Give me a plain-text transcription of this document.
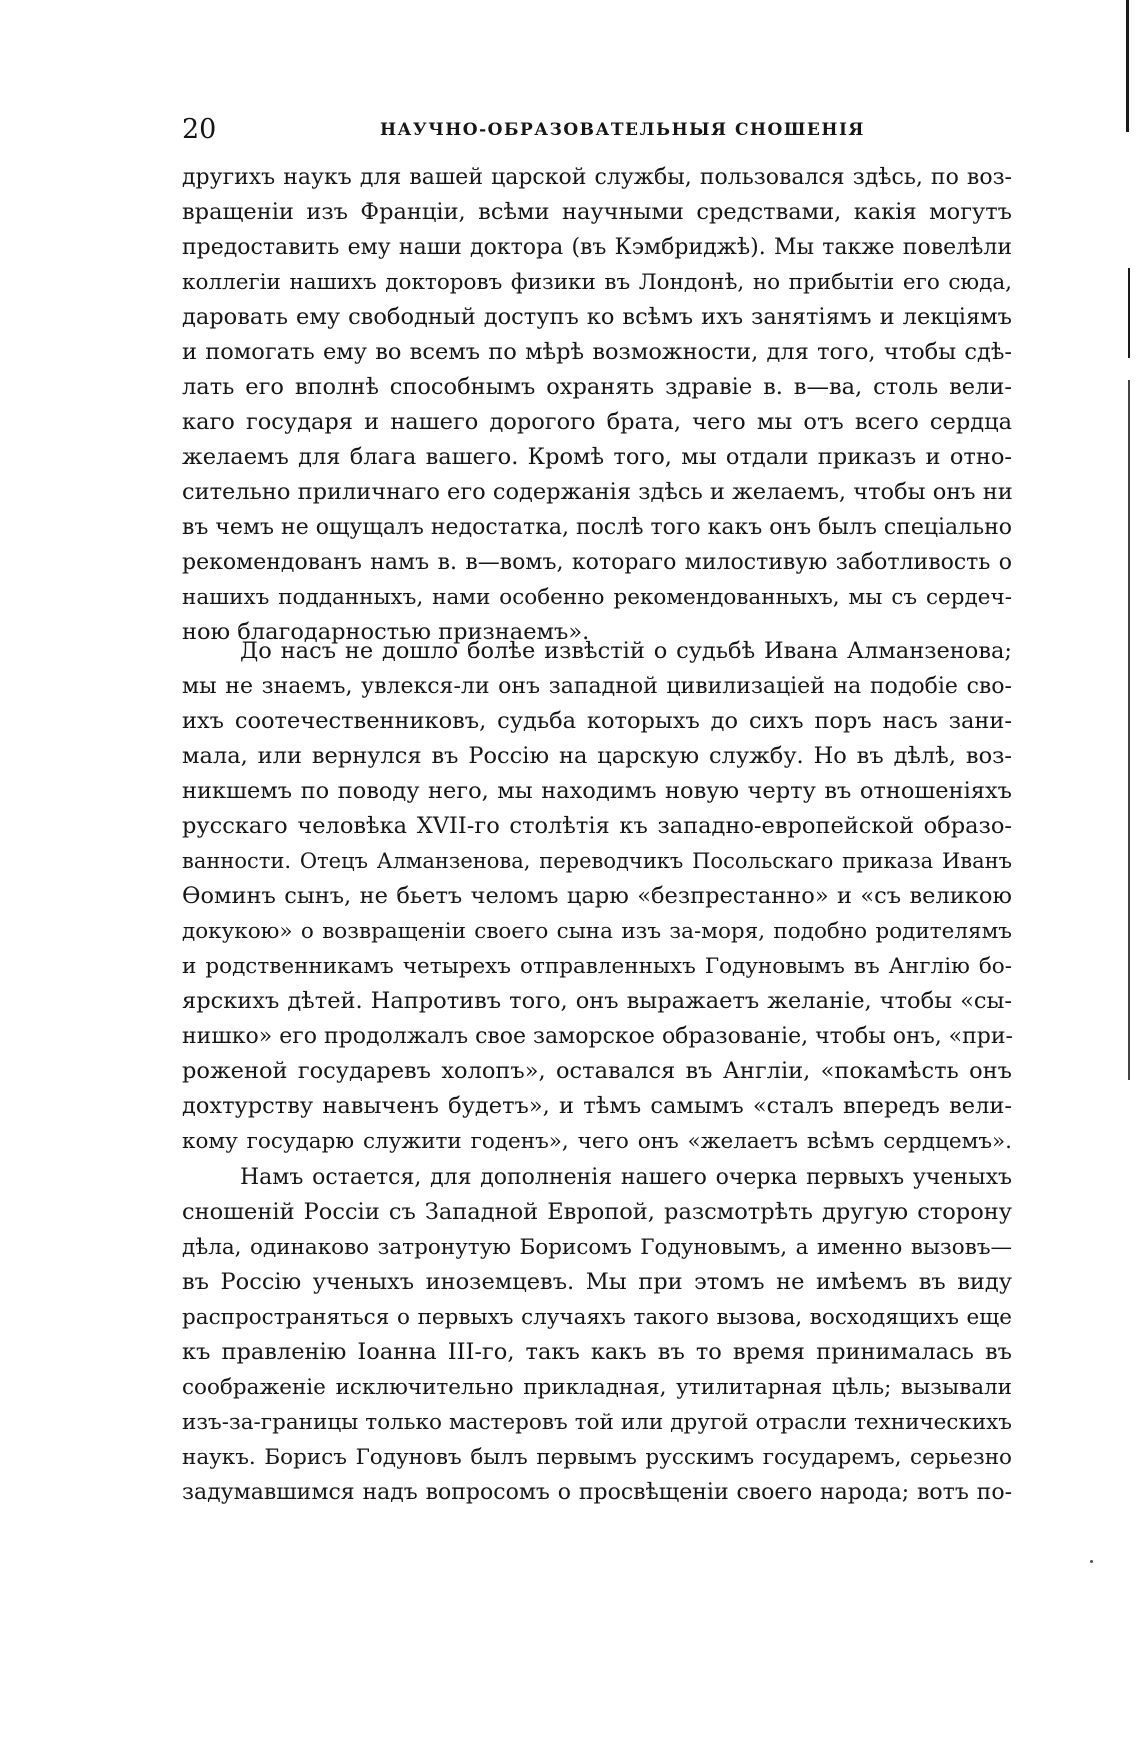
20	НАУЧНО-ОБРАЗОВАТЕЛЬНЫЯ СНОШЕНІЯ
другихъ наукъ для вашей царской службы, пользовался здѣсь, по воз-
вращеніи изъ Франціи, всѣми научными средствами, какія могутъ
предоставить ему наши доктора (въ Кэмбриджѣ). Мы также повелѣли
коллегіи нашихъ докторовъ физики въ Лондонѣ, но прибытіи его сюда,
даровать ему свободный доступъ ко всѣмъ ихъ занятіямъ и лекціямъ
и помогать ему во всемъ по мѣрѣ возможности, для того, чтобы сдѣ-
лать его вполнѣ способнымъ охранять здравіе в. в—ва, столь вели-
каго государя и нашего дорогого брата, чего мы отъ всего сердца
желаемъ для блага вашего. Кромѣ того, мы отдали приказъ и отно-
сительно приличнаго его содержанія здѣсь и желаемъ, чтобы онъ ни
въ чемъ не ощущалъ недостатка, послѣ того какъ онъ былъ спеціально
рекомендованъ намъ в. в—вомъ, котораго милостивую заботливость о
нашихъ подданныхъ, нами особенно рекомендованныхъ, мы съ сердеч-
ною благодарностью признаемъ».
До насъ не дошло болѣе извѣстій о судьбѣ Ивана Алманзенова;
мы не знаемъ, увлекся-ли онъ западной цивилизаціей на подобіе сво-
ихъ соотечественниковъ, судьба которыхъ до сихъ поръ насъ зани-
мала, или вернулся въ Россію на царскую службу. Но въ дѣлѣ, воз-
никшемъ по поводу него, мы находимъ новую черту въ отношеніяхъ
русскаго человѣка XVII-го столѣтія къ западно-европейской образо-
ванности. Отецъ Алманзенова, переводчикъ Посольскаго приказа Иванъ
Ѳоминъ сынъ, не бьетъ челомъ царю «безпрестанно» и «съ великою
докукою» о возвращеніи своего сына изъ за-моря, подобно родителямъ
и родственникамъ четырехъ отправленныхъ Годуновымъ въ Англію бо-
ярскихъ дѣтей. Напротивъ того, онъ выражаетъ желаніе, чтобы «сы-
нишко» его продолжалъ свое заморское образованіе, чтобы онъ, «при-
роженой государевъ холопъ», оставался въ Англіи, «покамѣсть онъ
дохтурству навыченъ будетъ», и тѣмъ самымъ «сталъ впередъ вели-
кому государю служити годенъ», чего онъ «желаетъ всѣмъ сердцемъ».
Намъ остается, для дополненія нашего очерка первыхъ ученыхъ
сношеній Россіи съ Западной Европой, разсмотрѣть другую сторону
дѣла, одинаково затронутую Борисомъ Годуновымъ, а именно вызовъ—
въ Россію ученыхъ иноземцевъ. Мы при этомъ не имѣемъ въ виду
распространяться о первыхъ случаяхъ такого вызова, восходящихъ еще
къ правленію Іоанна III-го, такъ какъ въ то время принималась въ
соображеніе исключительно прикладная, утилитарная цѣль; вызывали
изъ-за-границы только мастеровъ той или другой отрасли техническихъ
наукъ. Борисъ Годуновъ былъ первымъ русскимъ государемъ, серьезно
задумавшимся надъ вопросомъ о просвѣщеніи своего народа; вотъ по-
